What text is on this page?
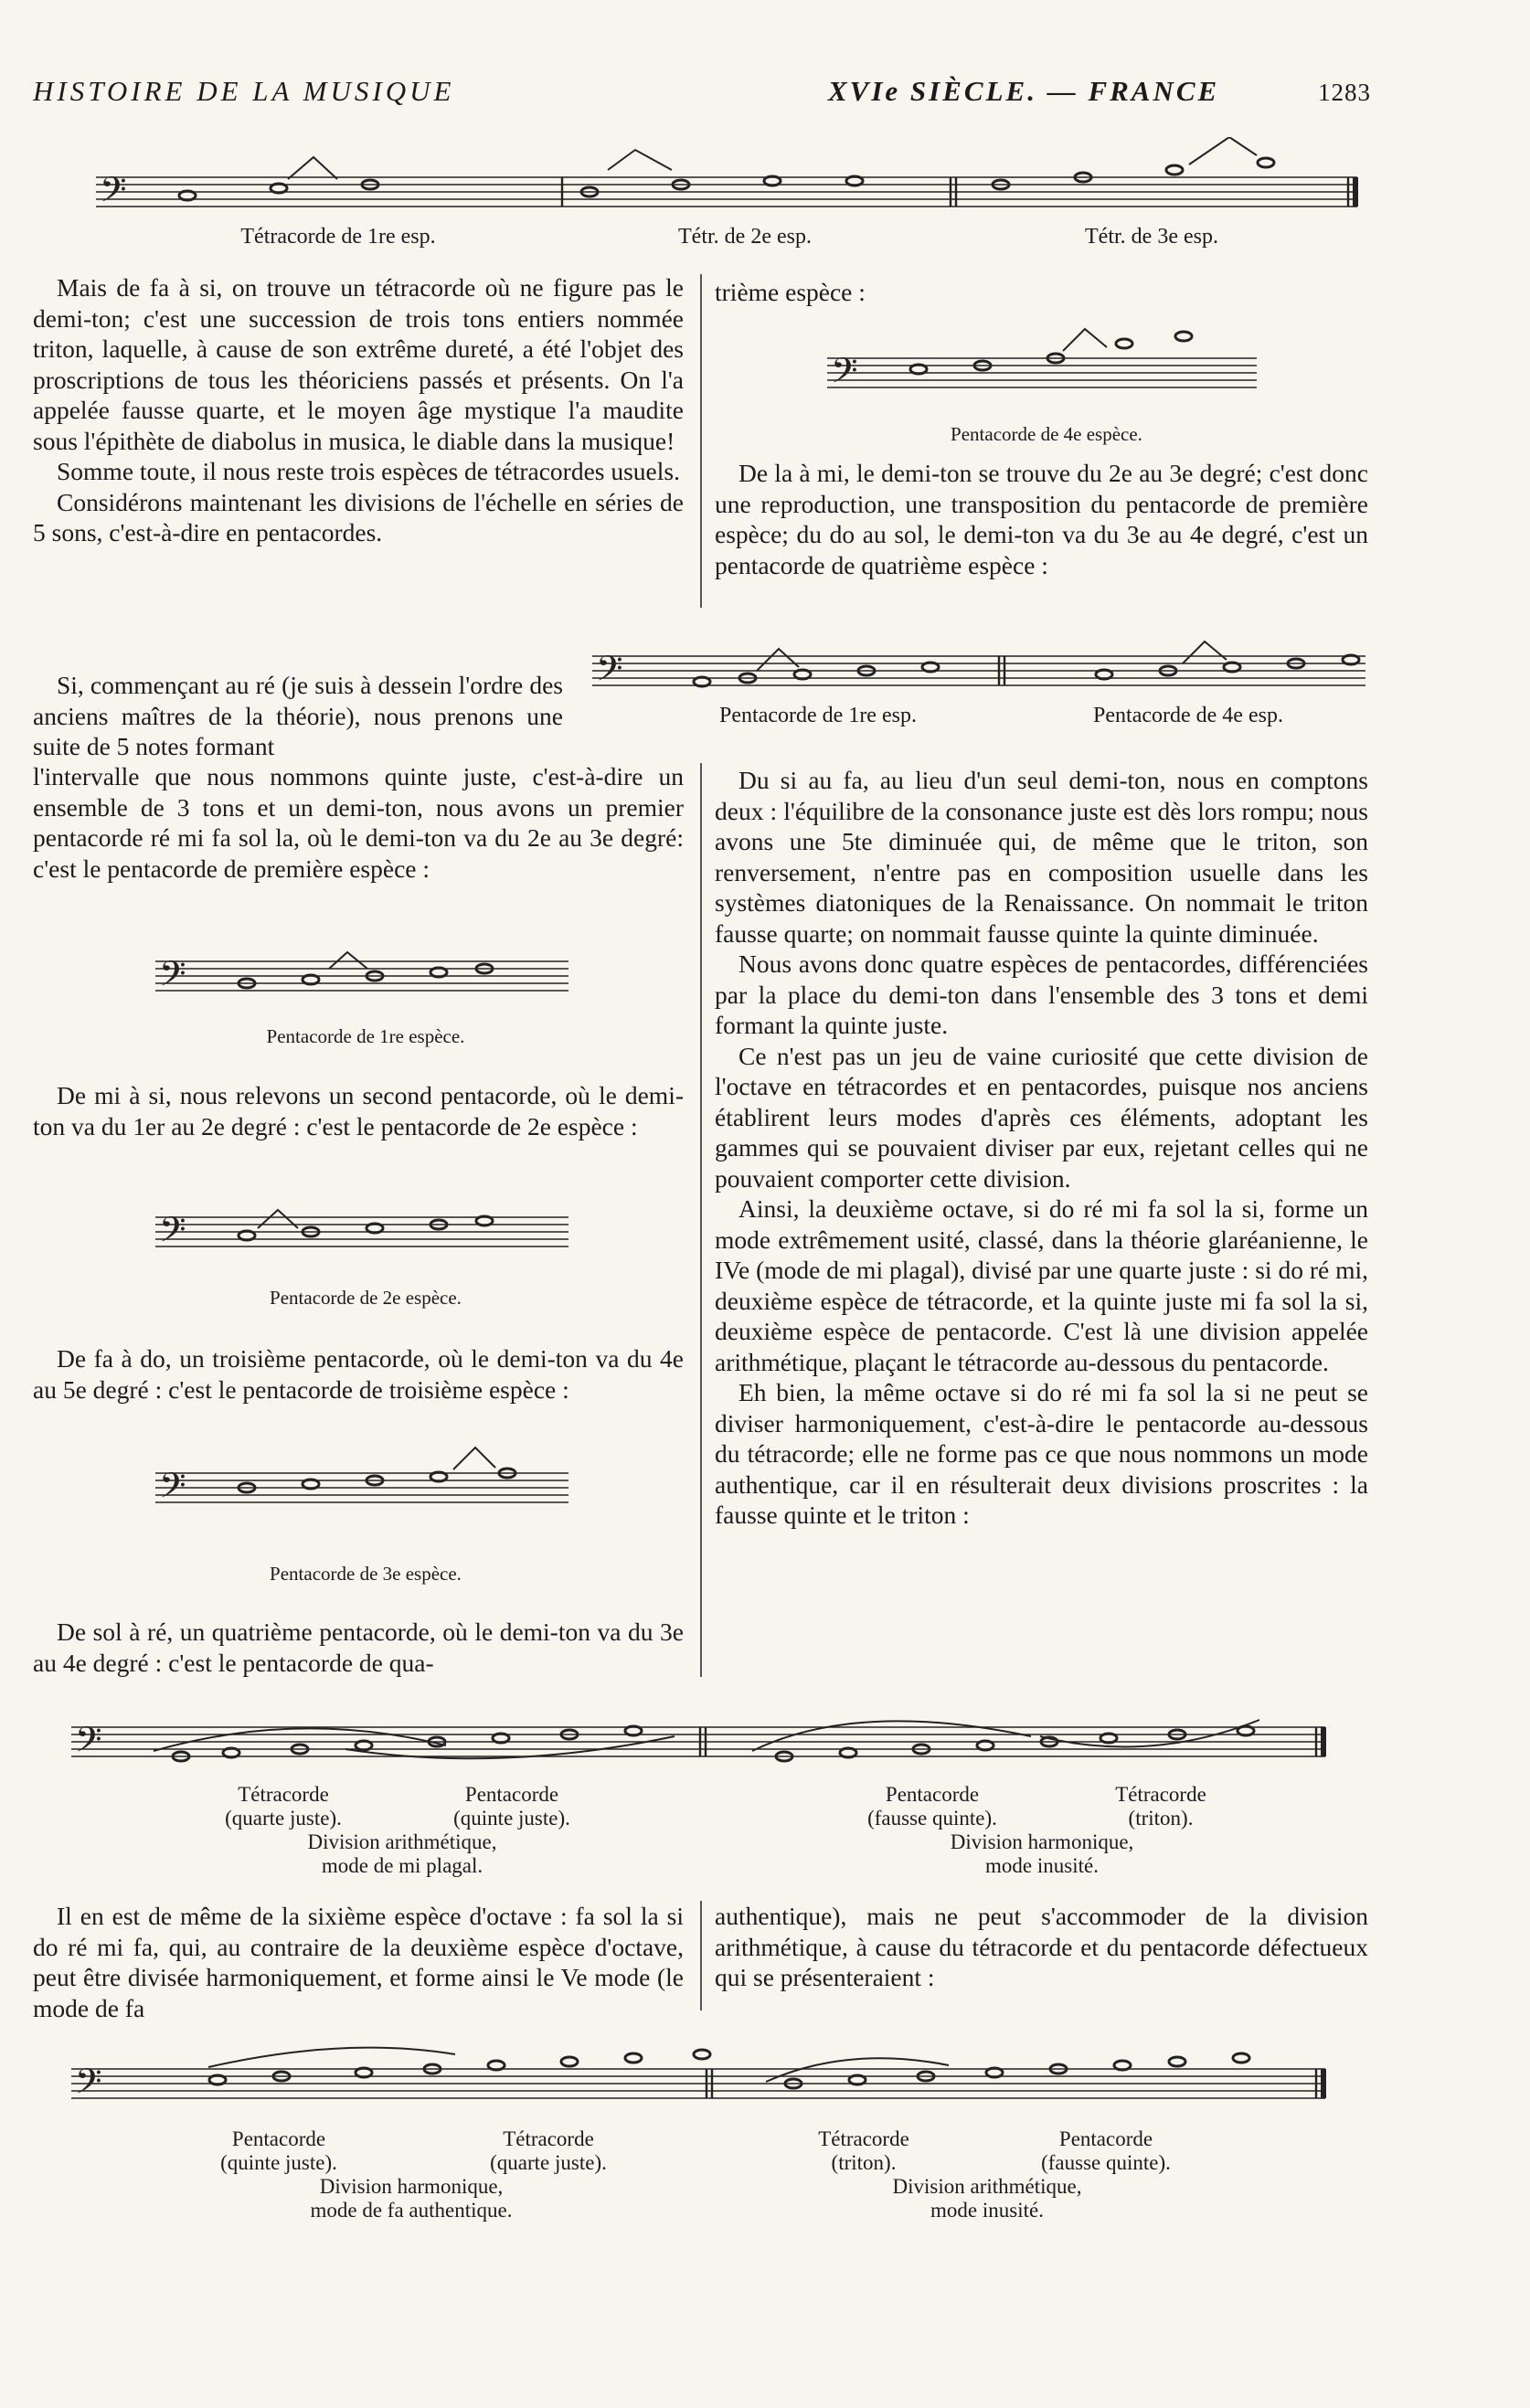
HISTOIRE DE LA MUSIQUE	XVIe SIÈCLE. — FRANCE	1283
𝄢
Tétracorde de 1re esp.	Tétr. de 2e esp.	Tétr. de 3e esp.

Mais de fa à si, on trouve un tétracorde où ne figure pas le demi-ton; c'est une succession de trois tons entiers nommée triton, laquelle, à cause de son extrême dureté, a été l'objet des proscriptions de tous les théoriciens passés et présents. On l'a appelée fausse quarte, et le moyen âge mystique l'a maudite sous l'épithète de diabolus in musica, le diable dans la musique!

Somme toute, il nous reste trois espèces de tétracordes usuels.

Considérons maintenant les divisions de l'échelle en séries de 5 sons, c'est-à-dire en pentacordes.

Si, commençant au ré (je suis à dessein l'ordre des anciens maîtres de la théorie), nous prenons une suite de 5 notes formant

l'intervalle que nous nommons quinte juste, c'est-à-dire un ensemble de 3 tons et un demi-ton, nous avons un premier pentacorde ré mi fa sol la, où le demi-ton va du 2e au 3e degré: c'est le pentacorde de première espèce :

𝄢
Pentacorde de 1re espèce.

De mi à si, nous relevons un second pentacorde, où le demi-ton va du 1er au 2e degré : c'est le pentacorde de 2e espèce :

𝄢
Pentacorde de 2e espèce.

De fa à do, un troisième pentacorde, où le demi-ton va du 4e au 5e degré : c'est le pentacorde de troisième espèce :

𝄢
Pentacorde de 3e espèce.

De sol à ré, un quatrième pentacorde, où le demi-ton va du 3e au 4e degré : c'est le pentacorde de qua-

trième espèce :

𝄢
Pentacorde de 4e espèce.

De la à mi, le demi-ton se trouve du 2e au 3e degré; c'est donc une reproduction, une transposition du pentacorde de première espèce; du do au sol, le demi-ton va du 3e au 4e degré, c'est un pentacorde de quatrième espèce :

𝄢
Pentacorde de 1re esp.	Pentacorde de 4e esp.

Du si au fa, au lieu d'un seul demi-ton, nous en comptons deux : l'équilibre de la consonance juste est dès lors rompu; nous avons une 5te diminuée qui, de même que le triton, son renversement, n'entre pas en composition usuelle dans les systèmes diatoniques de la Renaissance. On nommait le triton fausse quarte; on nommait fausse quinte la quinte diminuée.

Nous avons donc quatre espèces de pentacordes, différenciées par la place du demi-ton dans l'ensemble des 3 tons et demi formant la quinte juste.

Ce n'est pas un jeu de vaine curiosité que cette division de l'octave en tétracordes et en pentacordes, puisque nos anciens établirent leurs modes d'après ces éléments, adoptant les gammes qui se pouvaient diviser par eux, rejetant celles qui ne pouvaient comporter cette division.

Ainsi, la deuxième octave, si do ré mi fa sol la si, forme un mode extrêmement usité, classé, dans la théorie glaréanienne, le IVe (mode de mi plagal), divisé par une quarte juste : si do ré mi, deuxième espèce de tétracorde, et la quinte juste mi fa sol la si, deuxième espèce de pentacorde. C'est là une division appelée arithmétique, plaçant le tétracorde au-dessous du pentacorde.

Eh bien, la même octave si do ré mi fa sol la si ne peut se diviser harmoniquement, c'est-à-dire le pentacorde au-dessous du tétracorde; elle ne forme pas ce que nous nommons un mode authentique, car il en résulterait deux divisions proscrites : la fausse quinte et le triton :

𝄢
Tétracorde
(quarte juste).
Pentacorde
(quinte juste).
Division arithmétique,
mode de mi plagal.
Pentacorde
(fausse quinte).
Tétracorde
(triton).
Division harmonique,
mode inusité.

Il en est de même de la sixième espèce d'octave : fa sol la si do ré mi fa, qui, au contraire de la deuxième espèce d'octave, peut être divisée harmoniquement, et forme ainsi le Ve mode (le mode de fa

authentique), mais ne peut s'accommoder de la division arithmétique, à cause du tétracorde et du pentacorde défectueux qui se présenteraient :

𝄢
Pentacorde
(quinte juste).
Tétracorde
(quarte juste).
Division harmonique,
mode de fa authentique.
Tétracorde
(triton).
Pentacorde
(fausse quinte).
Division arithmétique,
mode inusité.
